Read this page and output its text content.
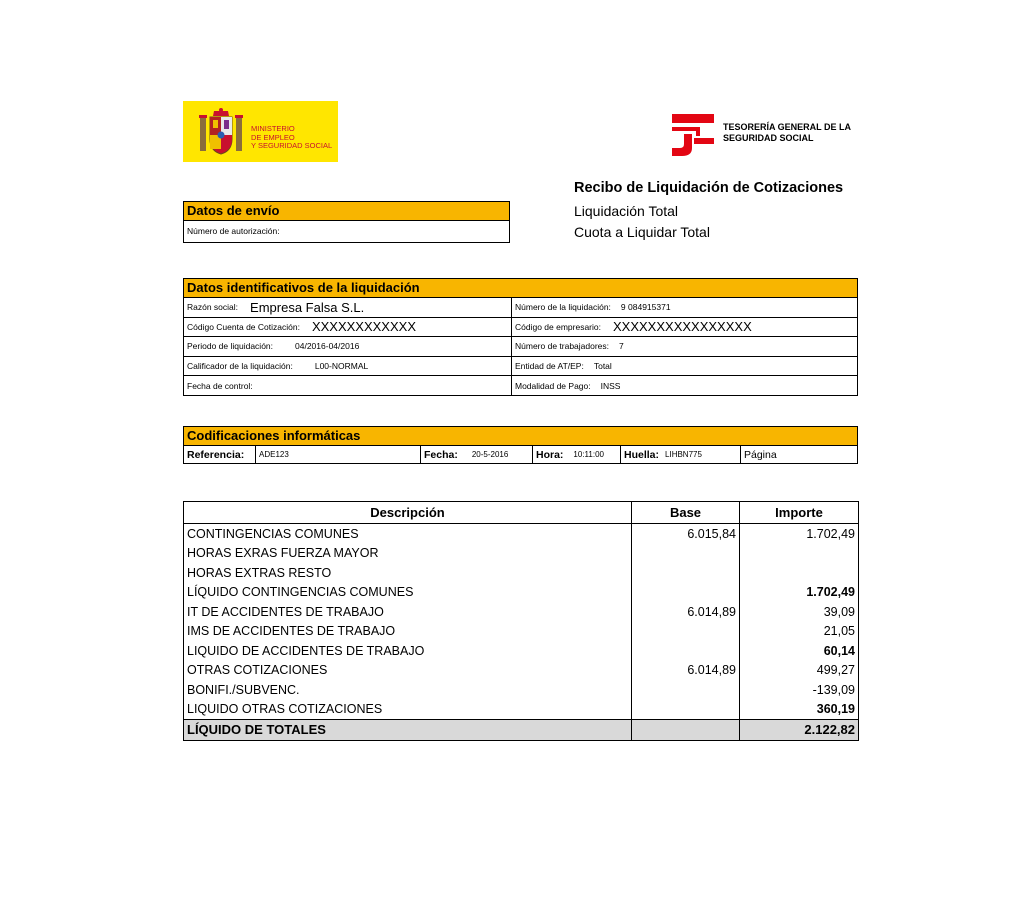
MINISTERIO
DE EMPLEO
Y SEGURIDAD SOCIAL
TESORERÍA GENERAL DE LA
SEGURIDAD SOCIAL
Recibo de Liquidación de Cotizaciones
Liquidación Total
Cuota a Liquidar Total
Datos de envío
Número de autorización:
Datos identificativos de la liquidación
Razón social: Empresa Falsa S.L.	Número de la liquidación: 9 084915371
Código Cuenta de Cotización: XXXXXXXXXXXX	Código de empresario: XXXXXXXXXXXXXXXX
Periodo de liquidación:	04/2016-04/2016	Número de trabajadores: 7
Calificador de la liquidación:	L00-NORMAL	Entidad de AT/EP: Total
Fecha de control:	Modalidad de Pago: INSS
Codificaciones informáticas
Referencia: ADE123	Fecha: 20-5-2016	Hora: 10:11:00 Huella: LIHBN775	Página
Descripción	Base	Importe
CONTINGENCIAS COMUNES	6.015,84	1.702,49
HORAS EXRAS FUERZA MAYOR		
HORAS EXTRAS RESTO		
LÍQUIDO CONTINGENCIAS COMUNES		1.702,49
IT DE ACCIDENTES DE TRABAJO	6.014,89	39,09
IMS DE ACCIDENTES DE TRABAJO		21,05
LIQUIDO DE ACCIDENTES DE TRABAJO		60,14
OTRAS COTIZACIONES	6.014,89	499,27
BONIFI./SUBVENC.		-139,09
LIQUIDO OTRAS COTIZACIONES		360,19
LÍQUIDO DE TOTALES		2.122,82
